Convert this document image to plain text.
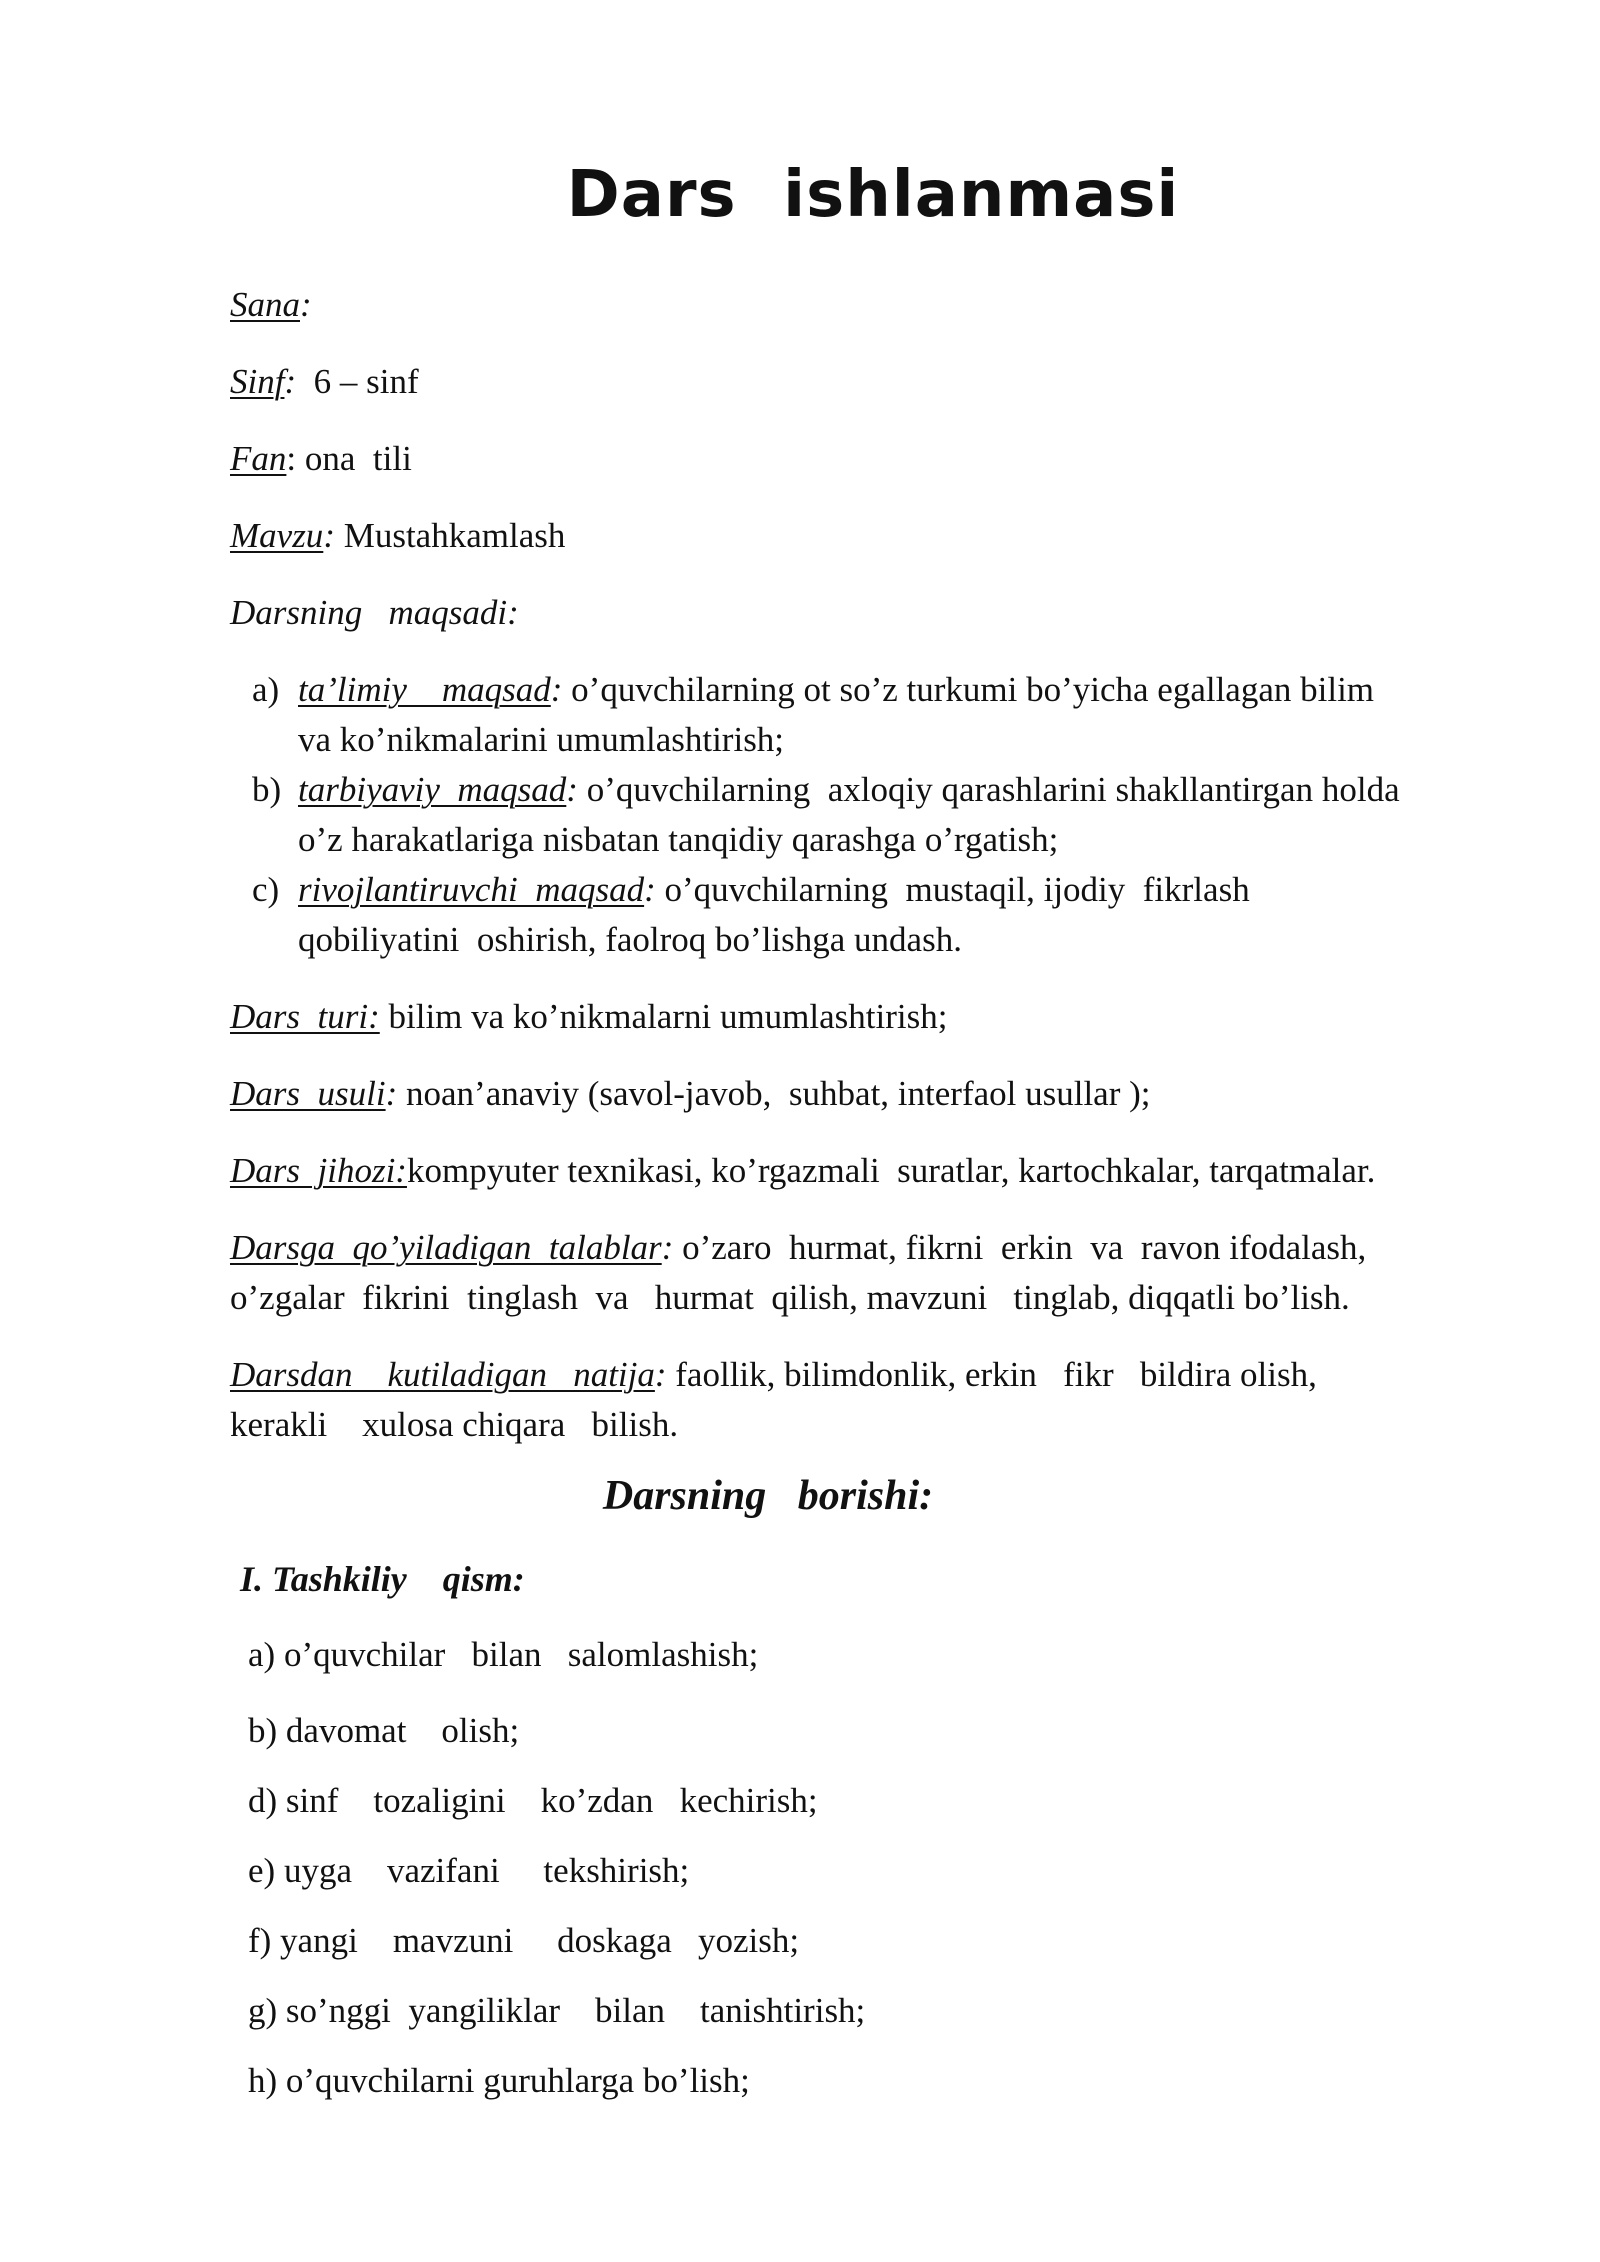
Dars  ishlanmasi

Sana:

Sinf:  6 – sinf

Fan: ona  tili

Mavzu: Mustahkamlash

Darsning   maqsadi:

a) ta’limiy    maqsad: o’quvchilarning ot so’z turkumi bo’yicha egallagan bilim

va ko’nikmalarini umumlashtirish;

b) tarbiyaviy  maqsad: o’quvchilarning  axloqiy qarashlarini shakllantirgan holda

o’z harakatlariga nisbatan tanqidiy qarashga o’rgatish;

c) rivojlantiruvchi  maqsad: o’quvchilarning  mustaqil, ijodiy  fikrlash

qobiliyatini  oshirish, faolroq bo’lishga undash.

Dars  turi: bilim va ko’nikmalarni umumlashtirish;

Dars  usuli: noan’anaviy (savol-javob,  suhbat, interfaol usullar );

Dars  jihozi:kompyuter texnikasi, ko’rgazmali  suratlar, kartochkalar, tarqatmalar.

Darsga  qo’yiladigan  talablar: o’zaro  hurmat, fikrni  erkin  va  ravon ifodalash,

o’zgalar  fikrini  tinglash  va   hurmat  qilish, mavzuni   tinglab, diqqatli bo’lish.

Darsdan    kutiladigan   natija: faollik, bilimdonlik, erkin   fikr   bildira olish,

kerakli    xulosa chiqara   bilish.

Darsning   borishi:

I. Tashkiliy    qism:

a) o’quvchilar   bilan   salomlashish;

b) davomat    olish;

d) sinf    tozaligini    ko’zdan   kechirish;

e) uyga    vazifani     tekshirish;

f) yangi    mavzuni     doskaga   yozish;

g) so’nggi  yangiliklar    bilan    tanishtirish;

h) o’quvchilarni guruhlarga bo’lish;
